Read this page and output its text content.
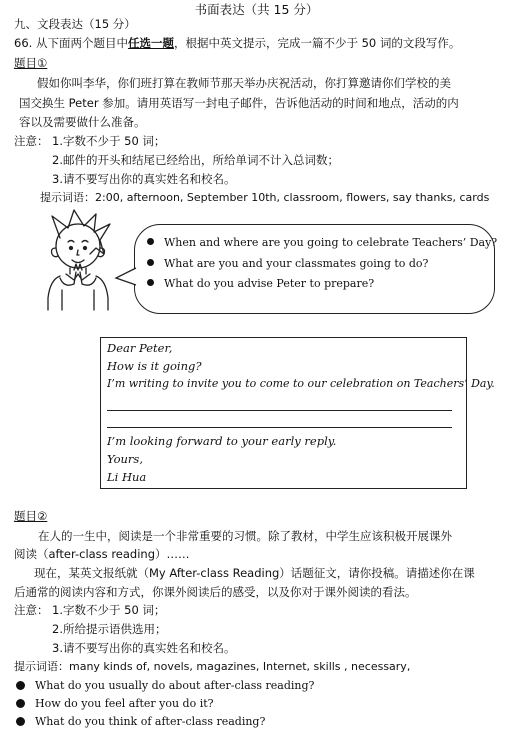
书面表达（共 15 分）
九、文段表达（15 分）
66. 从下面两个题目中任选一题，根据中英文提示，完成一篇不少于 50 词的文段写作。
题目①
假如你叫李华，你们班打算在教师节那天举办庆祝活动，你打算邀请你们学校的美
国交换生 Peter 参加。请用英语写一封电子邮件，告诉他活动的时间和地点，活动的内
容以及需要做什么准备。
注意： 1.字数不少于 50 词；
2.邮件的开头和结尾已经给出，所给单词不计入总词数；
3.请不要写出你的真实姓名和校名。
提示词语：2:00, afternoon, September 10th, classroom, flowers, say thanks, cards
When and where are you going to celebrate Teachers’ Day?
What are you and your classmates going to do?
What do you advise Peter to prepare?
Dear Peter,
How is it going?
I’m writing to invite you to come to our celebration on Teachers’ Day.
I’m looking forward to your early reply.
Yours,
Li Hua
题目②
在人的一生中，阅读是一个非常重要的习惯。除了教材，中学生应该积极开展课外
阅读（after-class reading）……
现在，某英文报纸就（My After-class Reading）话题征文，请你投稿。请描述你在课
后通常的阅读内容和方式，你课外阅读后的感受，以及你对于课外阅读的看法。
注意： 1.字数不少于 50 词；
2.所给提示语供选用；
3.请不要写出你的真实姓名和校名。
提示词语：many kinds of, novels, magazines, Internet, skills , necessary,
What do you usually do about after-class reading?
How do you feel after you do it?
What do you think of after-class reading?
